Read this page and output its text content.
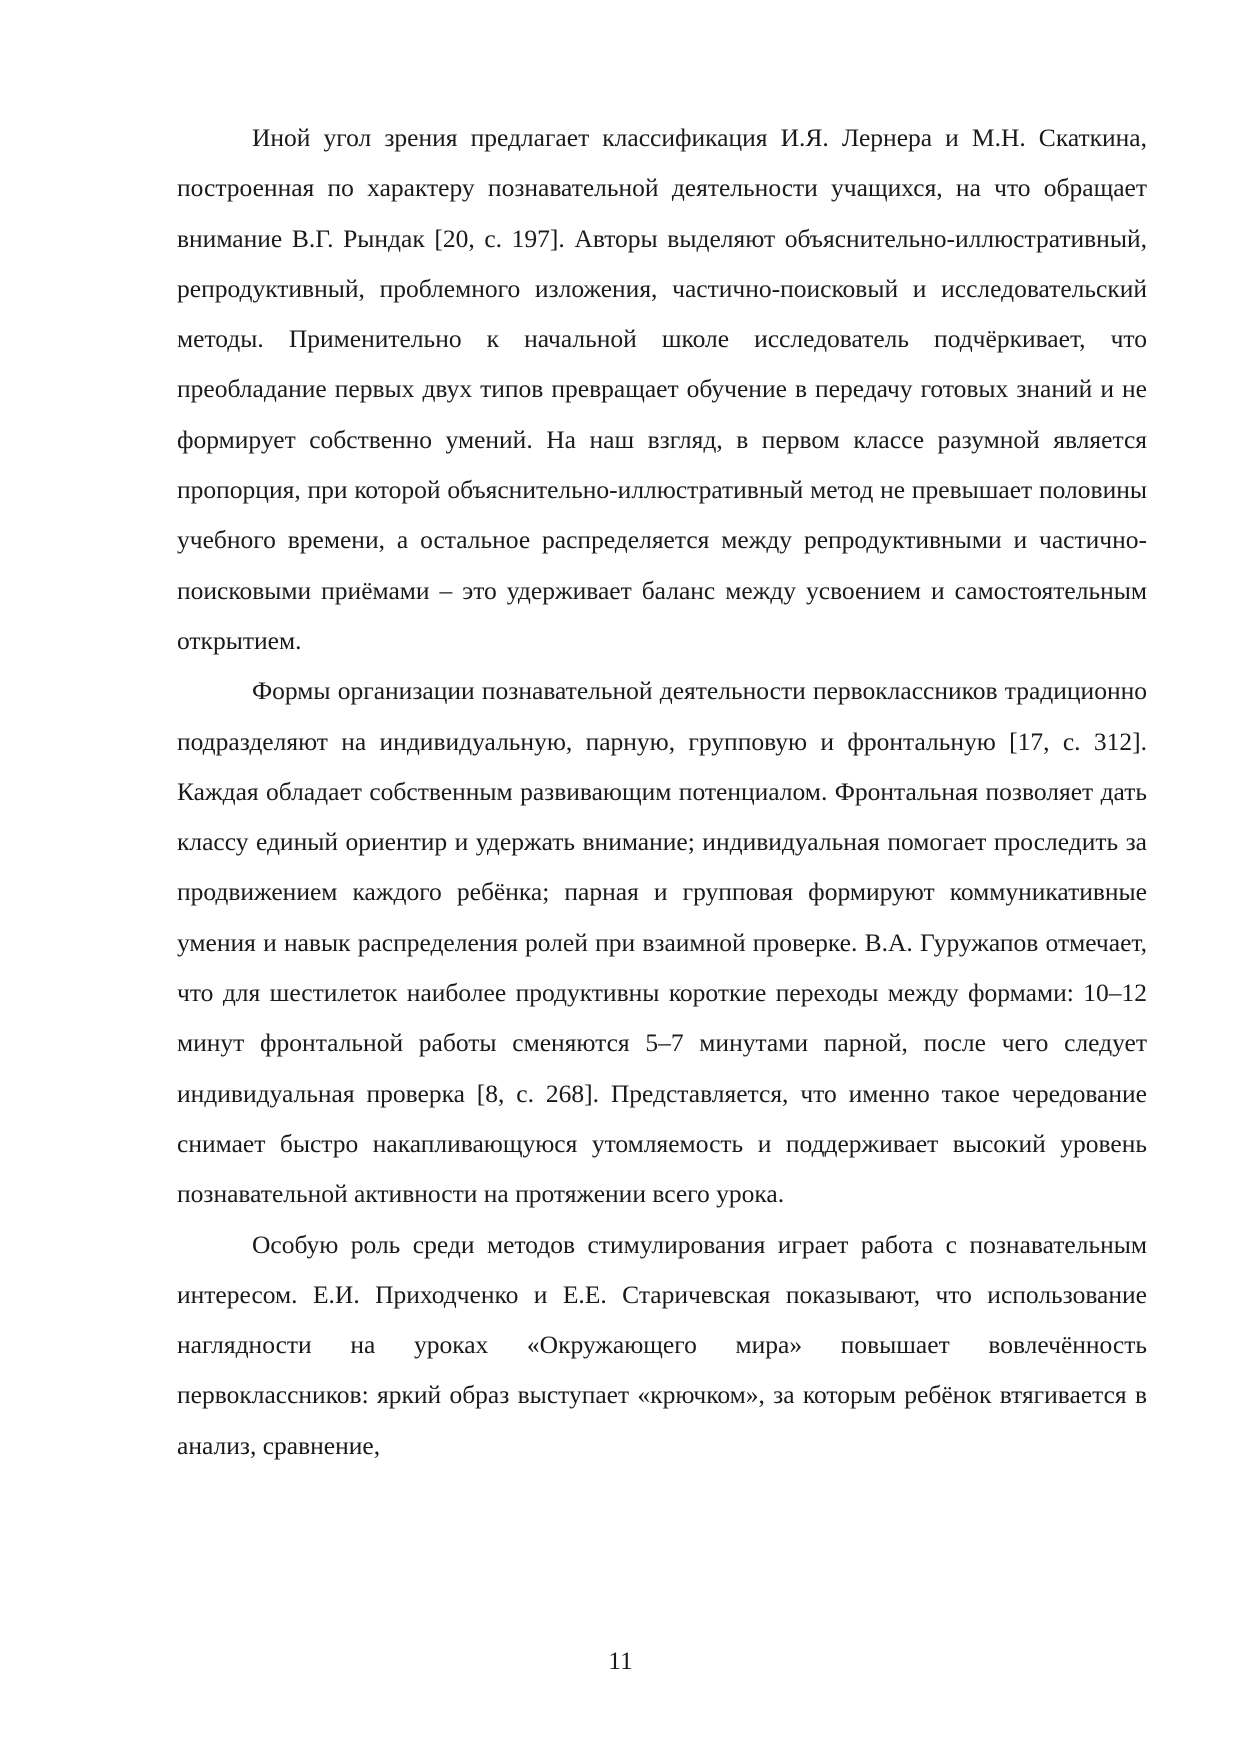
Иной угол зрения предлагает классификация И.Я. Лернера и М.Н. Скаткина, построенная по характеру познавательной деятельности учащихся, на что обращает внимание В.Г. Рындак [20, с. 197]. Авторы выделяют объяснительно-иллюстративный, репродуктивный, проблемного изложения, частично-поисковый и исследовательский методы. Применительно к начальной школе исследователь подчёркивает, что преобладание первых двух типов превращает обучение в передачу готовых знаний и не формирует собственно умений. На наш взгляд, в первом классе разумной является пропорция, при которой объяснительно-иллюстративный метод не превышает половины учебного времени, а остальное распределяется между репродуктивными и частично-поисковыми приёмами – это удерживает баланс между усвоением и самостоятельным открытием.

Формы организации познавательной деятельности первоклассников традиционно подразделяют на индивидуальную, парную, групповую и фронтальную [17, с. 312]. Каждая обладает собственным развивающим потенциалом. Фронтальная позволяет дать классу единый ориентир и удержать внимание; индивидуальная помогает проследить за продвижением каждого ребёнка; парная и групповая формируют коммуникативные умения и навык распределения ролей при взаимной проверке. В.А. Гуружапов отмечает, что для шестилеток наиболее продуктивны короткие переходы между формами: 10–12 минут фронтальной работы сменяются 5–7 минутами парной, после чего следует индивидуальная проверка [8, с. 268]. Представляется, что именно такое чередование снимает быстро накапливающуюся утомляемость и поддерживает высокий уровень познавательной активности на протяжении всего урока.

Особую роль среди методов стимулирования играет работа с познавательным интересом. Е.И. Приходченко и Е.Е. Старичевская показывают, что использование наглядности на уроках «Окружающего мира» повышает вовлечённость первоклассников: яркий образ выступает «крючком», за которым ребёнок втягивается в анализ, сравнение,

11
